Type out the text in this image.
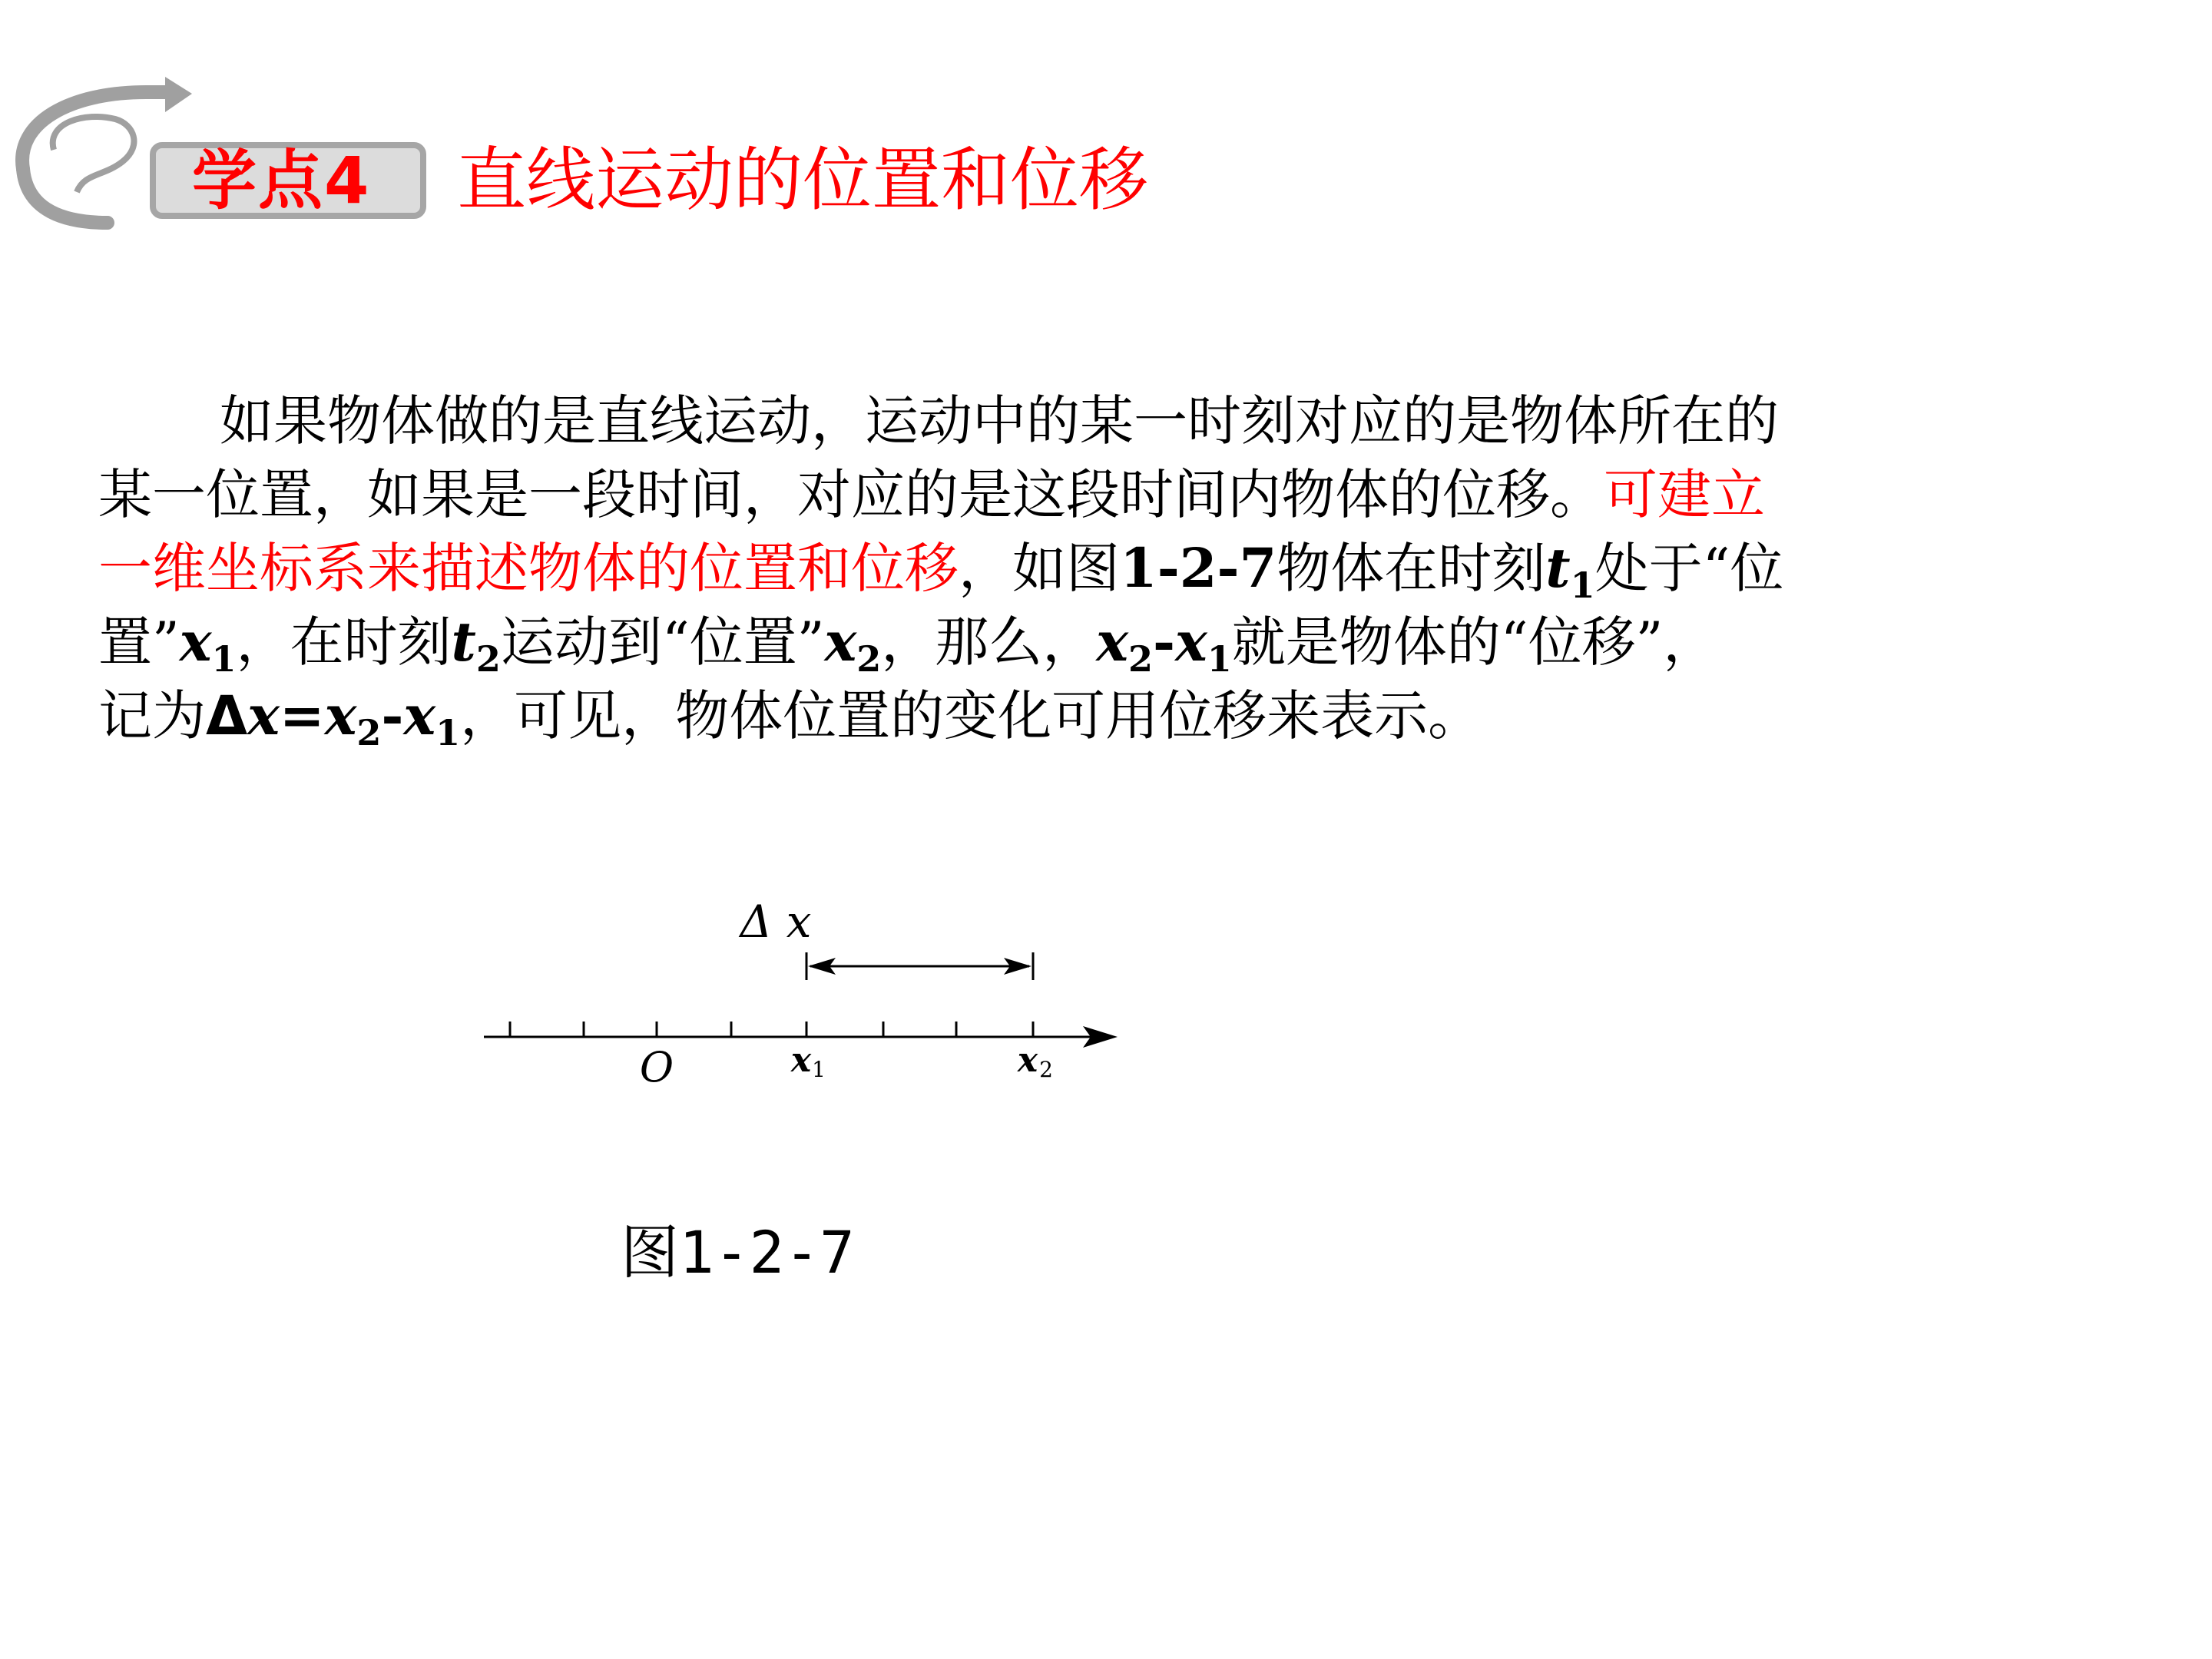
学点4 直线运动的位置和位移
如果物体做的是直线运动，运动中的某一时刻对应的是物体所在的
某一位置，如果是一段时间，对应的是这段时间内物体的位移。可建立
一维坐标系来描述物体的位置和位移，如图1-2-7物体在时刻$t_1$处于“位
置$”x_1$，在时刻$t_2$运动到“位置$”x_2$，那么，$x_2-x_1$就是物体的“位移”，
记为$\Delta x=x_2-x_1$，可见，物体位置的变化可用位移来表示。
Δ x
O	x 1	x 2
图1-2-7
